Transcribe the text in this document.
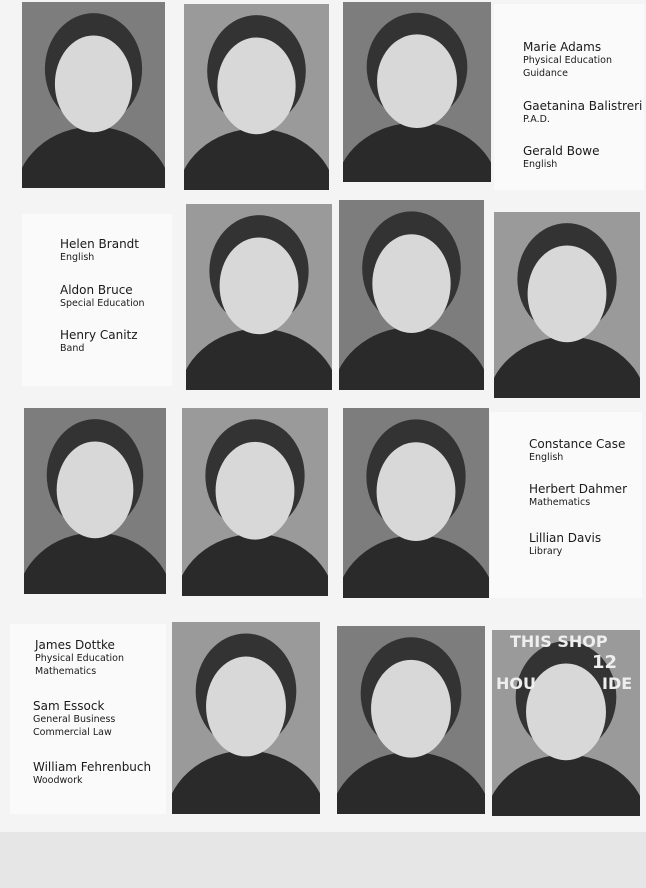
THIS SHOP
12
HOU	IDE
Marie Adams
Physical Education
Guidance
Gaetanina Balistreri
P.A.D.
Gerald Bowe
English
Helen Brandt
English
Aldon Bruce
Special Education
Henry Canitz
Band
Constance Case
English
Herbert Dahmer
Mathematics
Lillian Davis
Library
James Dottke
Physical Education
Mathematics
Sam Essock
General Business
Commercial Law
William Fehrenbuch
Woodwork
